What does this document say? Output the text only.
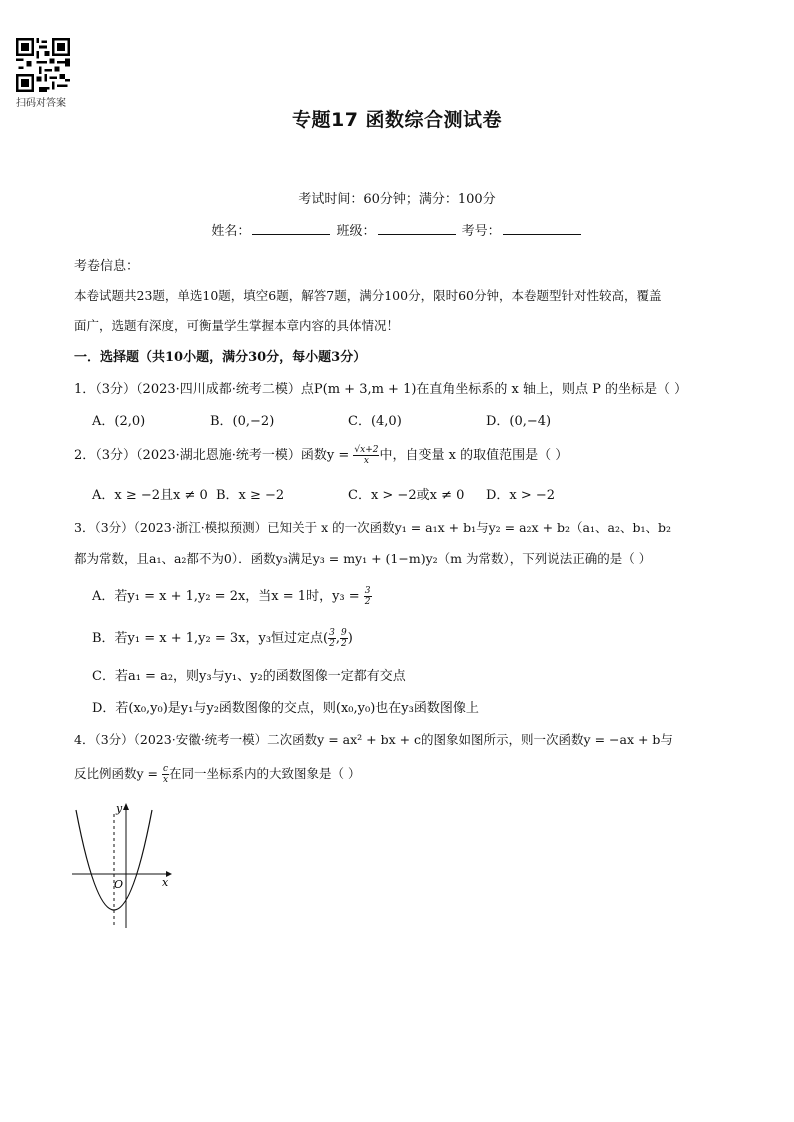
扫码对答案
专题17 函数综合测试卷
考试时间：60分钟；满分：100分
姓名：	班级：	考号：
考卷信息：
本卷试题共23题，单选10题，填空6题，解答7题，满分100分，限时60分钟，本卷题型针对性较高，覆盖
面广，选题有深度，可衡量学生掌握本章内容的具体情况！
一．选择题（共10小题，满分30分，每小题3分）
1．（3分）（2023·四川成都·统考二模）点P(m + 3,m + 1)在直角坐标系的 x 轴上，则点 P 的坐标是（ ）
A．(2,0)	B．(0,−2)	C．(4,0)	D．(0,−4)
2．（3分）（2023·湖北恩施·统考一模）函数$y = \frac{√x+2}{x}$ 中，自变量 x 的取值范围是（ ）
A．x ≥ −2且x ≠ 0 B．x ≥ −2	C．x > −2或x ≠ 0 D．x > −2
3．（3分）（2023·浙江·模拟预测）已知关于 x 的一次函数y₁ = a₁x + b₁与y₂ = a₂x + b₂（a₁、a₂、b₁、b₂
都为常数，且a₁、a₂都不为0）．函数y₃满足y₃ = my₁ + (1−m)y₂（m 为常数），下列说法正确的是（ ）
A．若y₁ = x + 1,y₂ = 2x，当x = 1时，$y_3 = \frac{3}{2}$
B．若y₁ = x + 1,y₂ = 3x，y₃恒过定点( $\frac{3}{2}$ , $\frac{9}{2}$ )
C．若a₁ = a₂，则y₃与y₁、y₂的函数图像一定都有交点
D．若(x₀,y₀)是y₁与y₂函数图像的交点，则(x₀,y₀)也在y₃函数图像上
4．（3分）（2023·安徽·统考一模）二次函数y = ax² + bx + c的图象如图所示，则一次函数y = −ax + b与
反比例函数$y = \frac{c}{x}$ 在同一坐标系内的大致图象是（ ）
x
y
O
